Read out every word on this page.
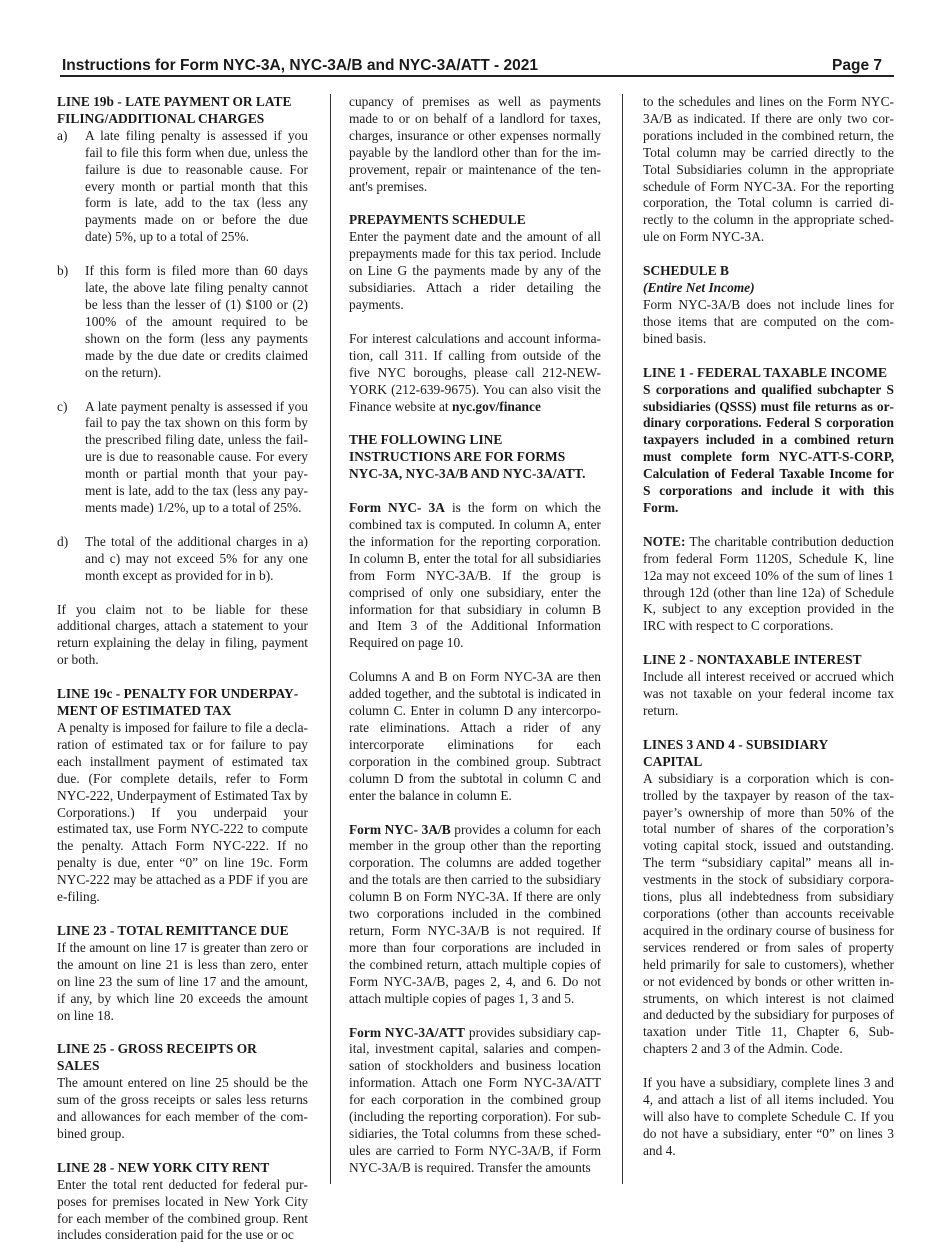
Instructions for Form NYC-3A, NYC-3A/B and NYC-3A/ATT - 2021	Page 7
LINE 19b - LATE PAYMENT OR LATE
FILING/ADDITIONAL CHARGES
a) A late filing penalty is assessed if you fail to file this form when due, unless the failure is due to reasonable cause. For every month or partial month that this form is late, add to the tax (less any payments made on or before the due date) 5%, up to a total of 25%.

b) If this form is filed more than 60 days late, the above late filing penalty cannot be less than the lesser of (1) $100 or (2) 100% of the amount required to be shown on the form (less any payments made by the due date or credits claimed on the return).

c) A late payment penalty is assessed if you fail to pay the tax shown on this form by the prescribed filing date, unless the failure is due to reasonable cause. For every month or partial month that your payment is late, add to the tax (less any payments made) 1/2%, up to a total of 25%.

d) The total of the additional charges in a) and c) may not exceed 5% for any one month except as provided for in b).

If you claim not to be liable for these additional charges, attach a statement to your return explaining the delay in filing, payment or both.

LINE 19c - PENALTY FOR UNDERPAYMENT OF ESTIMATED TAX

A penalty is imposed for failure to file a declaration of estimated tax or for failure to pay each installment payment of estimated tax due. (For complete details, refer to Form NYC-222, Underpayment of Estimated Tax by Corporations.) If you underpaid your estimated tax, use Form NYC-222 to compute the penalty. Attach Form NYC-222. If no penalty is due, enter “0” on line 19c. Form NYC-222 may be attached as a PDF if you are e-filing.

LINE 23 - TOTAL REMITTANCE DUE

If the amount on line 17 is greater than zero or the amount on line 21 is less than zero, enter on line 23 the sum of line 17 and the amount, if any, by which line 20 exceeds the amount on line 18.

LINE 25 - GROSS RECEIPTS OR
SALES

The amount entered on line 25 should be the sum of the gross receipts or sales less returns and allowances for each member of the combined group.

LINE 28 - NEW YORK CITY RENT

Enter the total rent deducted for federal purposes for premises located in New York City for each member of the combined group. Rent includes consideration paid for the use or oc

cupancy of premises as well as payments made to or on behalf of a landlord for taxes, charges, insurance or other expenses normally payable by the landlord other than for the improvement, repair or maintenance of the tenant's premises.

PREPAYMENTS SCHEDULE

Enter the payment date and the amount of all prepayments made for this tax period. Include on Line G the payments made by any of the subsidiaries. Attach a rider detailing the payments.

For interest calculations and account information, call 311. If calling from outside of the five NYC boroughs, please call 212-NEW-YORK (212-639-9675). You can also visit the Finance website at nyc.gov/finance

THE FOLLOWING LINE INSTRUCTIONS ARE FOR FORMS NYC-3A, NYC-3A/B AND NYC-3A/ATT.

Form NYC- 3A is the form on which the combined tax is computed. In column A, enter the information for the reporting corporation. In column B, enter the total for all subsidiaries from Form NYC-3A/B. If the group is comprised of only one subsidiary, enter the information for that subsidiary in column B and Item 3 of the Additional Information Required on page 10.

Columns A and B on Form NYC-3A are then added together, and the subtotal is indicated in column C. Enter in column D any intercorporate eliminations. Attach a rider of any intercorporate eliminations for each corporation in the combined group. Subtract column D from the subtotal in column C and enter the balance in column E.

Form NYC- 3A/B provides a column for each member in the group other than the reporting corporation. The columns are added together and the totals are then carried to the subsidiary column B on Form NYC-3A. If there are only two corporations included in the combined return, Form NYC-3A/B is not required. If more than four corporations are included in the combined return, attach multiple copies of Form NYC-3A/B, pages 2, 4, and 6. Do not attach multiple copies of pages 1, 3 and 5.

Form NYC-3A/ATT provides subsidiary capital, investment capital, salaries and compensation of stockholders and business location information. Attach one Form NYC-3A/ATT for each corporation in the combined group (including the reporting corporation). For subsidiaries, the Total columns from these schedules are carried to Form NYC-3A/B, if Form NYC-3A/B is required. Transfer the amounts

to the schedules and lines on the Form NYC-3A/B as indicated. If there are only two corporations included in the combined return, the Total column may be carried directly to the Total Subsidiaries column in the appropriate schedule of Form NYC-3A. For the reporting corporation, the Total column is carried directly to the column in the appropriate schedule on Form NYC-3A.

SCHEDULE B
(Entire Net Income)

Form NYC-3A/B does not include lines for those items that are computed on the combined basis.

LINE 1 - FEDERAL TAXABLE INCOME

S corporations and qualified subchapter S subsidiaries (QSSS) must file returns as ordinary corporations. Federal S corporation taxpayers included in a combined return must complete form NYC-ATT-S-CORP, Calculation of Federal Taxable Income for S corporations and include it with this Form.

NOTE: The charitable contribution deduction from federal Form 1120S, Schedule K, line 12a may not exceed 10% of the sum of lines 1 through 12d (other than line 12a) of Schedule K, subject to any exception provided in the IRC with respect to C corporations.

LINE 2 - NONTAXABLE INTEREST

Include all interest received or accrued which was not taxable on your federal income tax return.

LINES 3 AND 4 - SUBSIDIARY
CAPITAL

A subsidiary is a corporation which is controlled by the taxpayer by reason of the taxpayer’s ownership of more than 50% of the total number of shares of the corporation’s voting capital stock, issued and outstanding. The term “subsidiary capital” means all investments in the stock of subsidiary corporations, plus all indebtedness from subsidiary corporations (other than accounts receivable acquired in the ordinary course of business for services rendered or from sales of property held primarily for sale to customers), whether or not evidenced by bonds or other written instruments, on which interest is not claimed and deducted by the subsidiary for purposes of taxation under Title 11, Chapter 6, Subchapters 2 and 3 of the Admin. Code.

If you have a subsidiary, complete lines 3 and 4, and attach a list of all items included. You will also have to complete Schedule C. If you do not have a subsidiary, enter “0” on lines 3 and 4.
